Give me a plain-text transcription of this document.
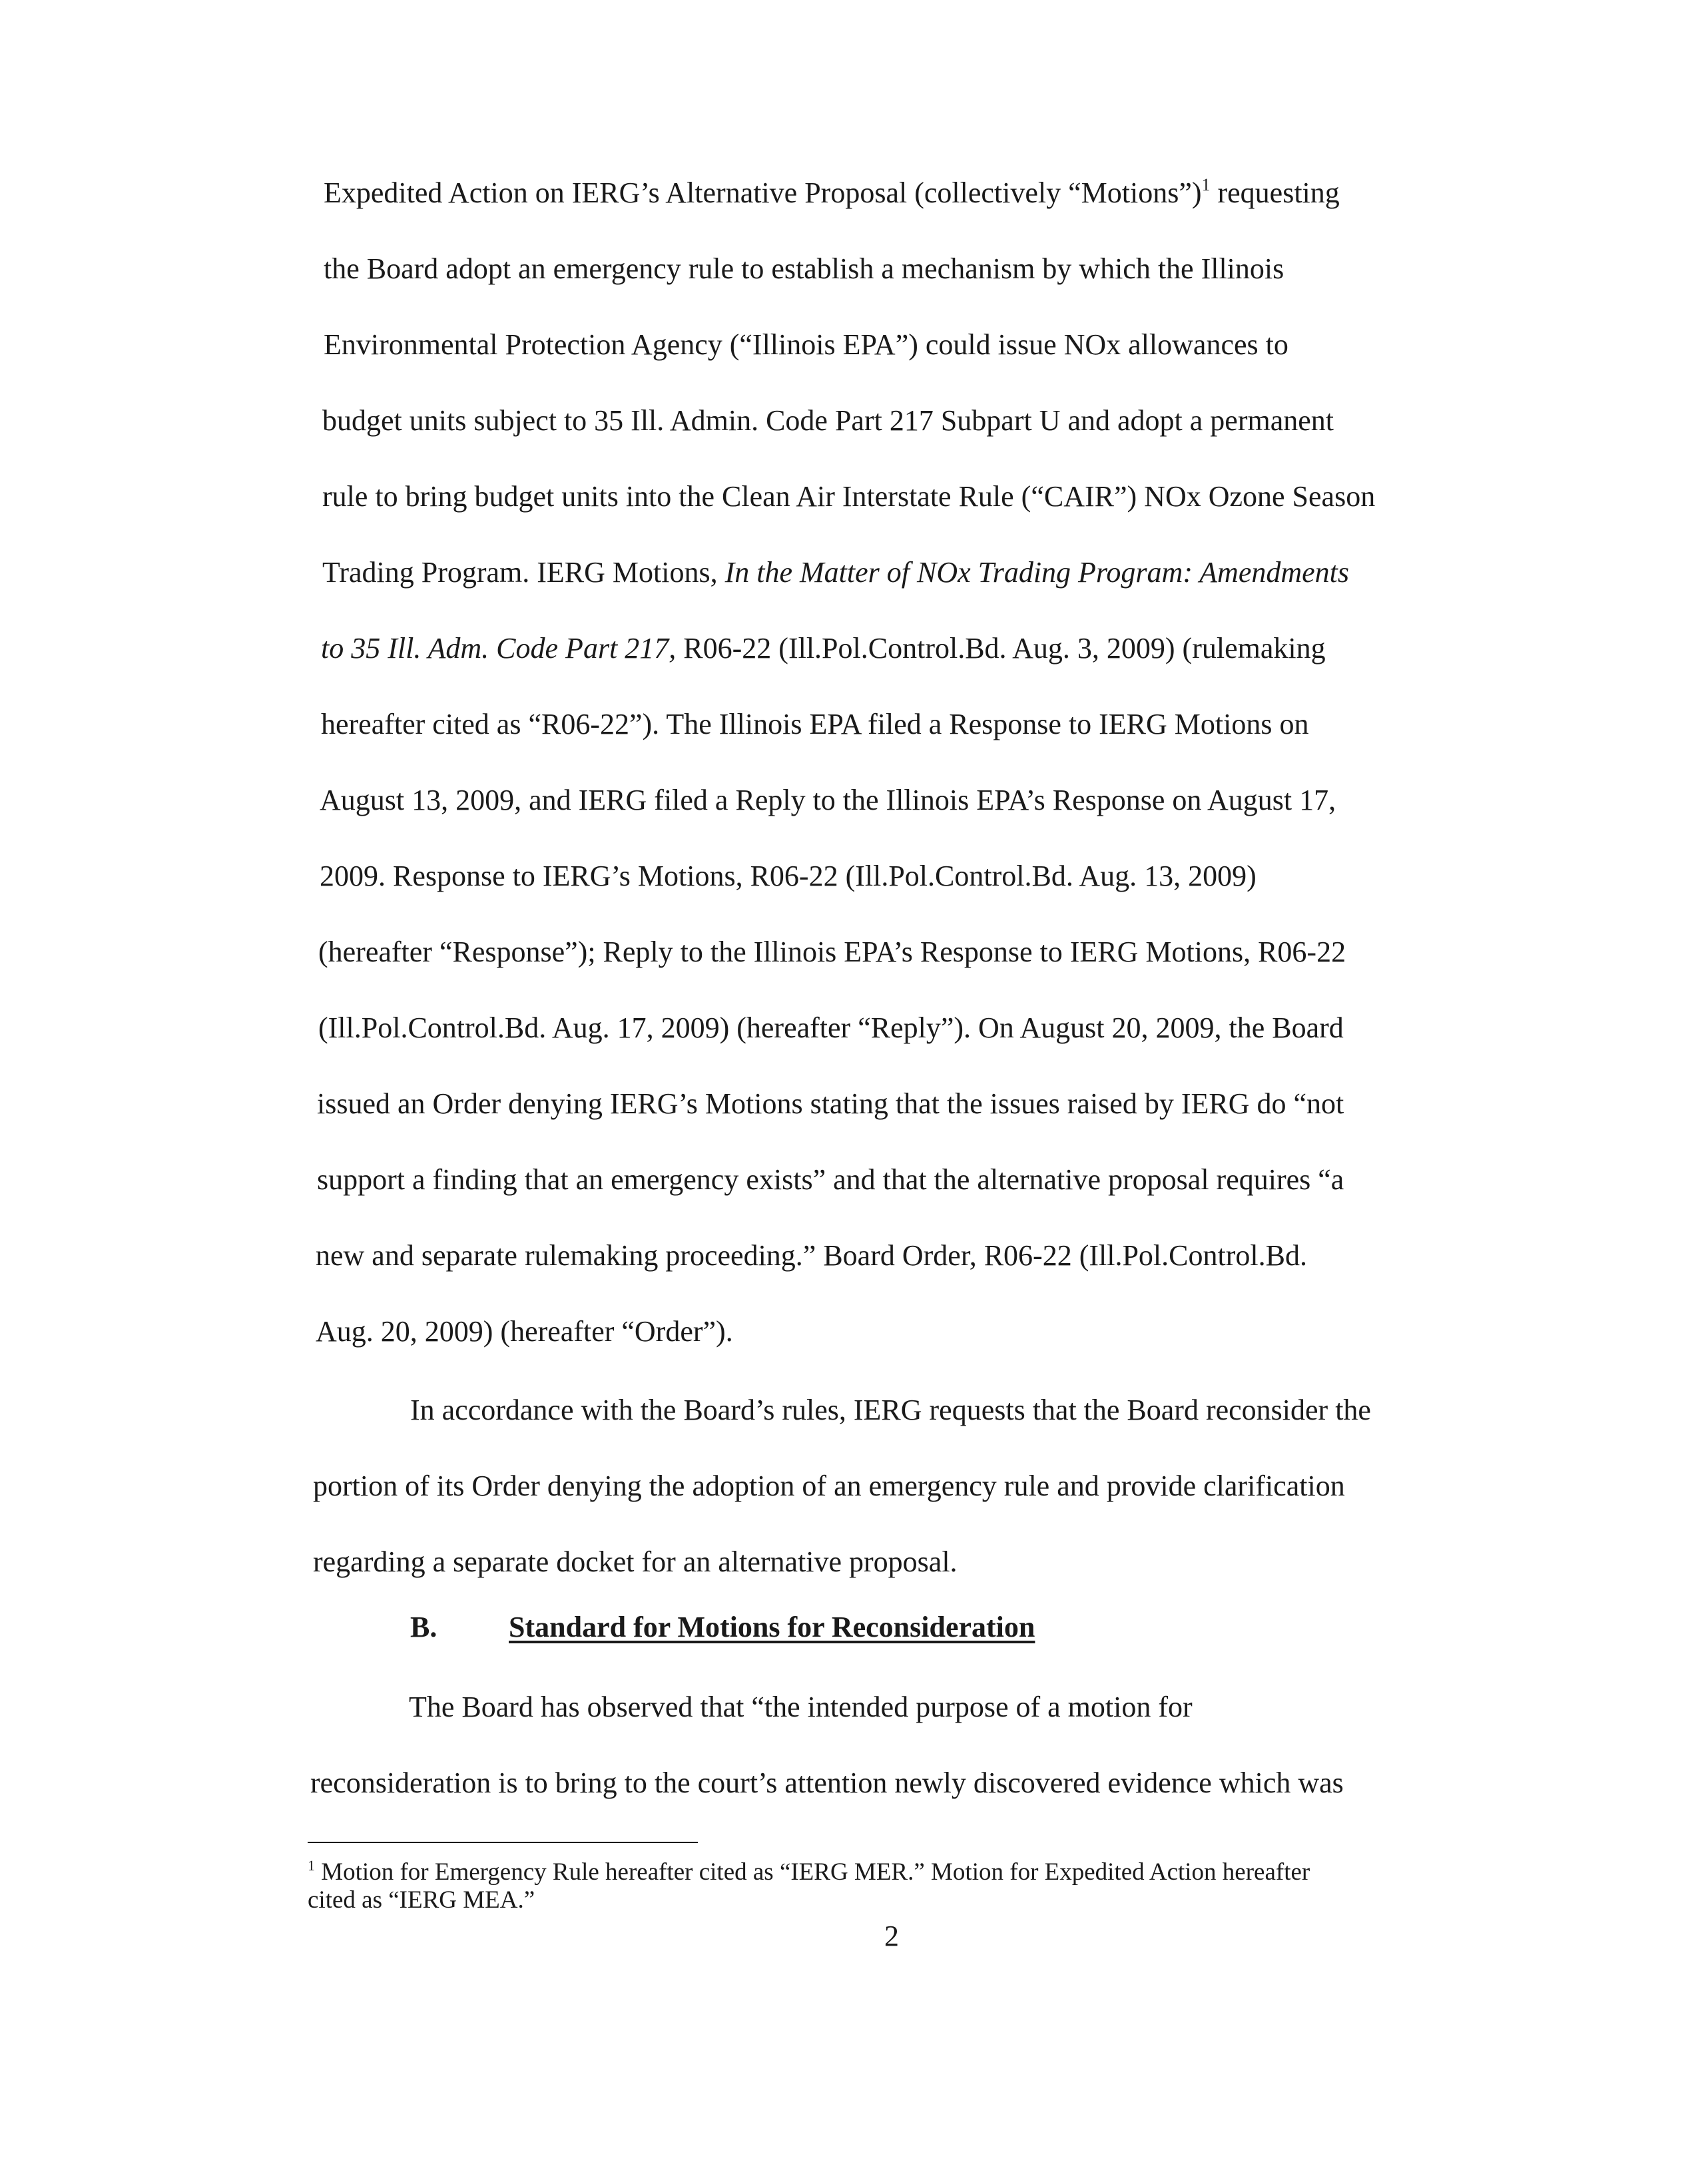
Expedited Action on IERG’s Alternative Proposal (collectively “Motions”)$^1$ requesting
the Board adopt an emergency rule to establish a mechanism by which the Illinois
Environmental Protection Agency (“Illinois EPA”) could issue NOx allowances to
budget units subject to 35 Ill. Admin. Code Part 217 Subpart U and adopt a permanent
rule to bring budget units into the Clean Air Interstate Rule (“CAIR”) NOx Ozone Season
Trading Program. IERG Motions, In the Matter of NOx Trading Program: Amendments
to 35 Ill. Adm. Code Part 217, R06-22 (Ill.Pol.Control.Bd. Aug. 3, 2009) (rulemaking
hereafter cited as “R06-22”). The Illinois EPA filed a Response to IERG Motions on
August 13, 2009, and IERG filed a Reply to the Illinois EPA’s Response on August 17,
2009. Response to IERG’s Motions, R06-22 (Ill.Pol.Control.Bd. Aug. 13, 2009)
(hereafter “Response”); Reply to the Illinois EPA’s Response to IERG Motions, R06-22
(Ill.Pol.Control.Bd. Aug. 17, 2009) (hereafter “Reply”). On August 20, 2009, the Board
issued an Order denying IERG’s Motions stating that the issues raised by IERG do “not
support a finding that an emergency exists” and that the alternative proposal requires “a
new and separate rulemaking proceeding.” Board Order, R06-22 (Ill.Pol.Control.Bd.
Aug. 20, 2009) (hereafter “Order”).
In accordance with the Board’s rules, IERG requests that the Board reconsider the
portion of its Order denying the adoption of an emergency rule and provide clarification
regarding a separate docket for an alternative proposal.
B. Standard for Motions for Reconsideration
The Board has observed that “the intended purpose of a motion for
reconsideration is to bring to the court’s attention newly discovered evidence which was
$^1$ Motion for Emergency Rule hereafter cited as “IERG MER.” Motion for Expedited Action hereafter
cited as “IERG MEA.”
2
